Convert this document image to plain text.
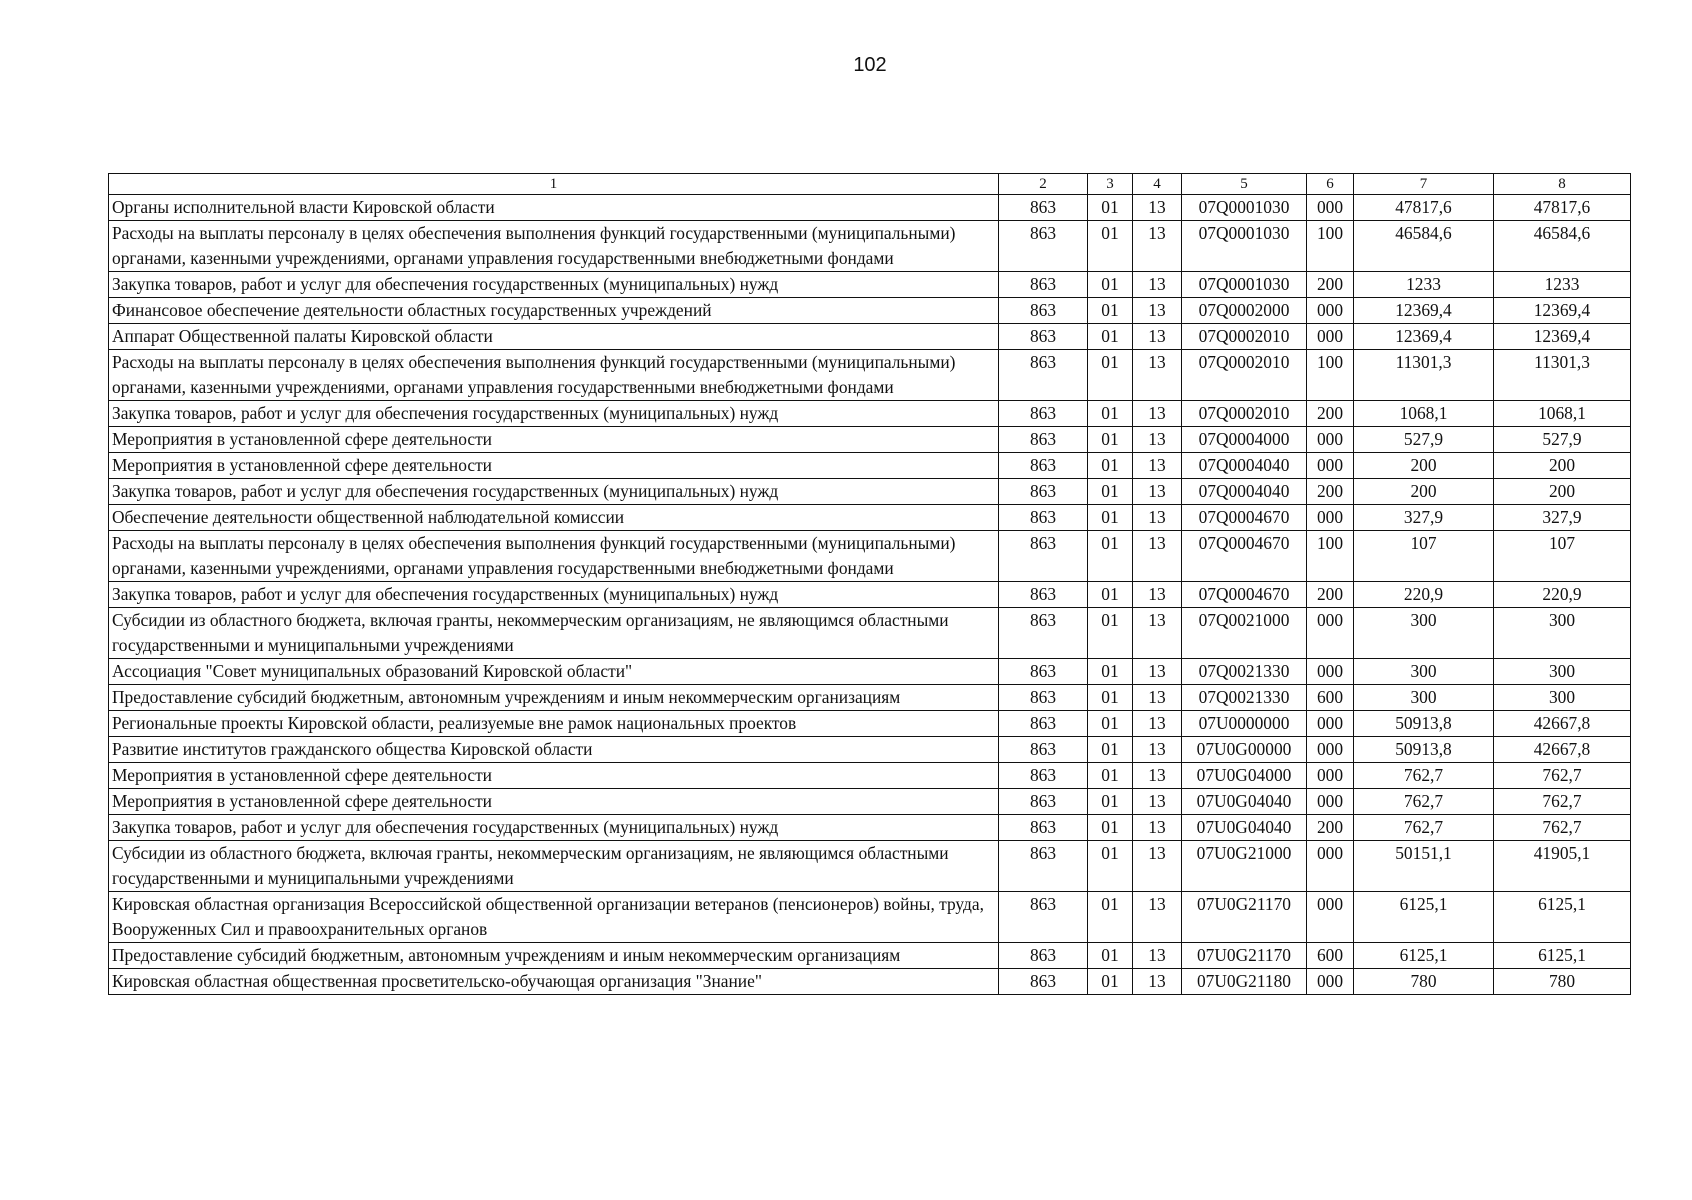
102
1	2	3	4	5	6	7	8
Органы исполнительной власти Кировской области	863	01	13	07Q0001030	000	47817,6	47817,6
Расходы на выплаты персоналу в целях обеспечения выполнения функций государственными (муниципальными) органами, казенными учреждениями, органами управления государственными внебюджетными фондами	863	01	13	07Q0001030	100	46584,6	46584,6
Закупка товаров, работ и услуг для обеспечения государственных (муниципальных) нужд	863	01	13	07Q0001030	200	1233	1233
Финансовое обеспечение деятельности областных государственных учреждений	863	01	13	07Q0002000	000	12369,4	12369,4
Аппарат Общественной палаты Кировской области	863	01	13	07Q0002010	000	12369,4	12369,4
Расходы на выплаты персоналу в целях обеспечения выполнения функций государственными (муниципальными) органами, казенными учреждениями, органами управления государственными внебюджетными фондами	863	01	13	07Q0002010	100	11301,3	11301,3
Закупка товаров, работ и услуг для обеспечения государственных (муниципальных) нужд	863	01	13	07Q0002010	200	1068,1	1068,1
Мероприятия в установленной сфере деятельности	863	01	13	07Q0004000	000	527,9	527,9
Мероприятия в установленной сфере деятельности	863	01	13	07Q0004040	000	200	200
Закупка товаров, работ и услуг для обеспечения государственных (муниципальных) нужд	863	01	13	07Q0004040	200	200	200
Обеспечение деятельности общественной наблюдательной комиссии	863	01	13	07Q0004670	000	327,9	327,9
Расходы на выплаты персоналу в целях обеспечения выполнения функций государственными (муниципальными) органами, казенными учреждениями, органами управления государственными внебюджетными фондами	863	01	13	07Q0004670	100	107	107
Закупка товаров, работ и услуг для обеспечения государственных (муниципальных) нужд	863	01	13	07Q0004670	200	220,9	220,9
Субсидии из областного бюджета, включая гранты, некоммерческим организациям, не являющимся областными государственными и муниципальными учреждениями	863	01	13	07Q0021000	000	300	300
Ассоциация "Совет муниципальных образований Кировской области"	863	01	13	07Q0021330	000	300	300
Предоставление субсидий бюджетным, автономным учреждениям и иным некоммерческим организациям	863	01	13	07Q0021330	600	300	300
Региональные проекты Кировской области, реализуемые вне рамок национальных проектов	863	01	13	07U0000000	000	50913,8	42667,8
Развитие институтов гражданского общества Кировской области	863	01	13	07U0G00000	000	50913,8	42667,8
Мероприятия в установленной сфере деятельности	863	01	13	07U0G04000	000	762,7	762,7
Мероприятия в установленной сфере деятельности	863	01	13	07U0G04040	000	762,7	762,7
Закупка товаров, работ и услуг для обеспечения государственных (муниципальных) нужд	863	01	13	07U0G04040	200	762,7	762,7
Субсидии из областного бюджета, включая гранты, некоммерческим организациям, не являющимся областными государственными и муниципальными учреждениями	863	01	13	07U0G21000	000	50151,1	41905,1
Кировская областная организация Всероссийской общественной организации ветеранов (пенсионеров) войны, труда, Вооруженных Сил и правоохранительных органов	863	01	13	07U0G21170	000	6125,1	6125,1
Предоставление субсидий бюджетным, автономным учреждениям и иным некоммерческим организациям	863	01	13	07U0G21170	600	6125,1	6125,1
Кировская областная общественная просветительско-обучающая организация "Знание"	863	01	13	07U0G21180	000	780	780
